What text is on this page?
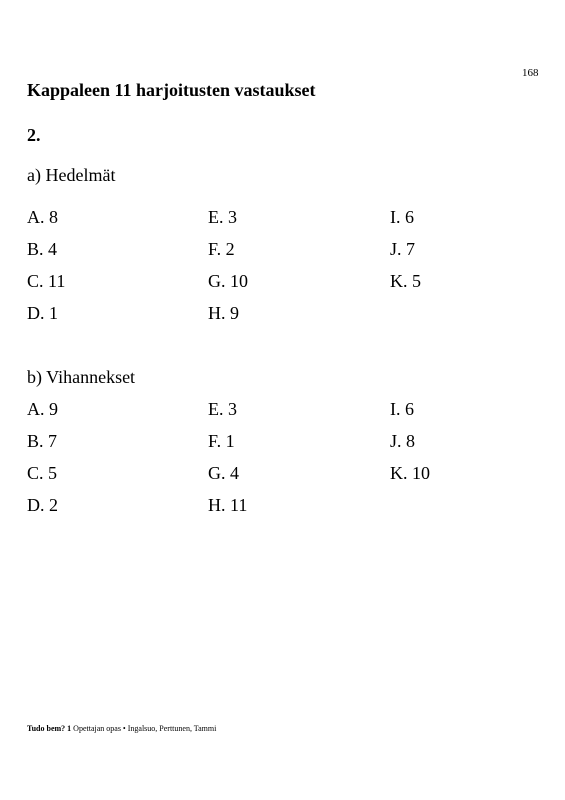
168
Kappaleen 11 harjoitusten vastaukset
2.
a) Hedelmät
A. 8
B. 4
C. 11
D. 1
E. 3
F. 2
G. 10
H. 9
I. 6
J. 7
K. 5
b) Vihannekset
A. 9
B. 7
C. 5
D. 2
E. 3
F. 1
G. 4
H. 11
I. 6
J. 8
K. 10
Tudo bem? 1 Opettajan opas • Ingalsuo, Perttunen, Tammi
